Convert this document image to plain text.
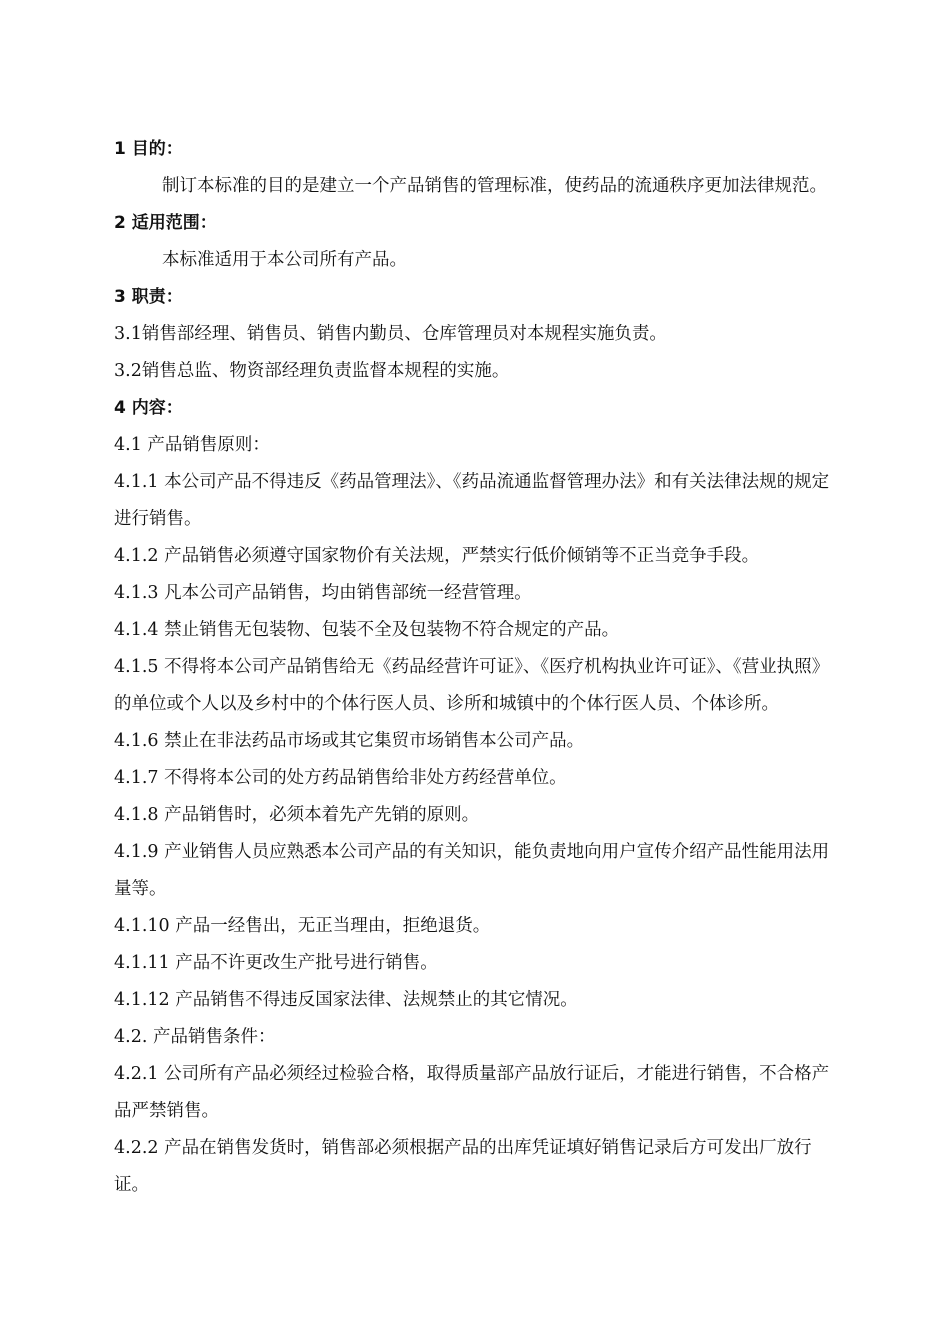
1 目的：

制订本标准的目的是建立一个产品销售的管理标准，使药品的流通秩序更加法律规范。

2 适用范围：

本标准适用于本公司所有产品。

3 职责：

3.1销售部经理、销售员、销售内勤员、仓库管理员对本规程实施负责。

3.2销售总监、物资部经理负责监督本规程的实施。

4 内容：

4.1 产品销售原则：

4.1.1 本公司产品不得违反《药品管理法》、《药品流通监督管理办法》和有关法律法规的规定进行销售。

4.1.2 产品销售必须遵守国家物价有关法规，严禁实行低价倾销等不正当竞争手段。

4.1.3 凡本公司产品销售，均由销售部统一经营管理。

4.1.4 禁止销售无包装物、包装不全及包装物不符合规定的产品。

4.1.5 不得将本公司产品销售给无《药品经营许可证》、《医疗机构执业许可证》、《营业执照》的单位或个人以及乡村中的个体行医人员、诊所和城镇中的个体行医人员、个体诊所。

4.1.6 禁止在非法药品市场或其它集贸市场销售本公司产品。

4.1.7 不得将本公司的处方药品销售给非处方药经营单位。

4.1.8 产品销售时，必须本着先产先销的原则。

4.1.9 产业销售人员应熟悉本公司产品的有关知识，能负责地向用户宣传介绍产品性能用法用量等。

4.1.10 产品一经售出，无正当理由，拒绝退货。

4.1.11 产品不许更改生产批号进行销售。

4.1.12 产品销售不得违反国家法律、法规禁止的其它情况。

4.2. 产品销售条件：

4.2.1 公司所有产品必须经过检验合格，取得质量部产品放行证后，才能进行销售，不合格产品严禁销售。

4.2.2 产品在销售发货时，销售部必须根据产品的出库凭证填好销售记录后方可发出厂放行证。
